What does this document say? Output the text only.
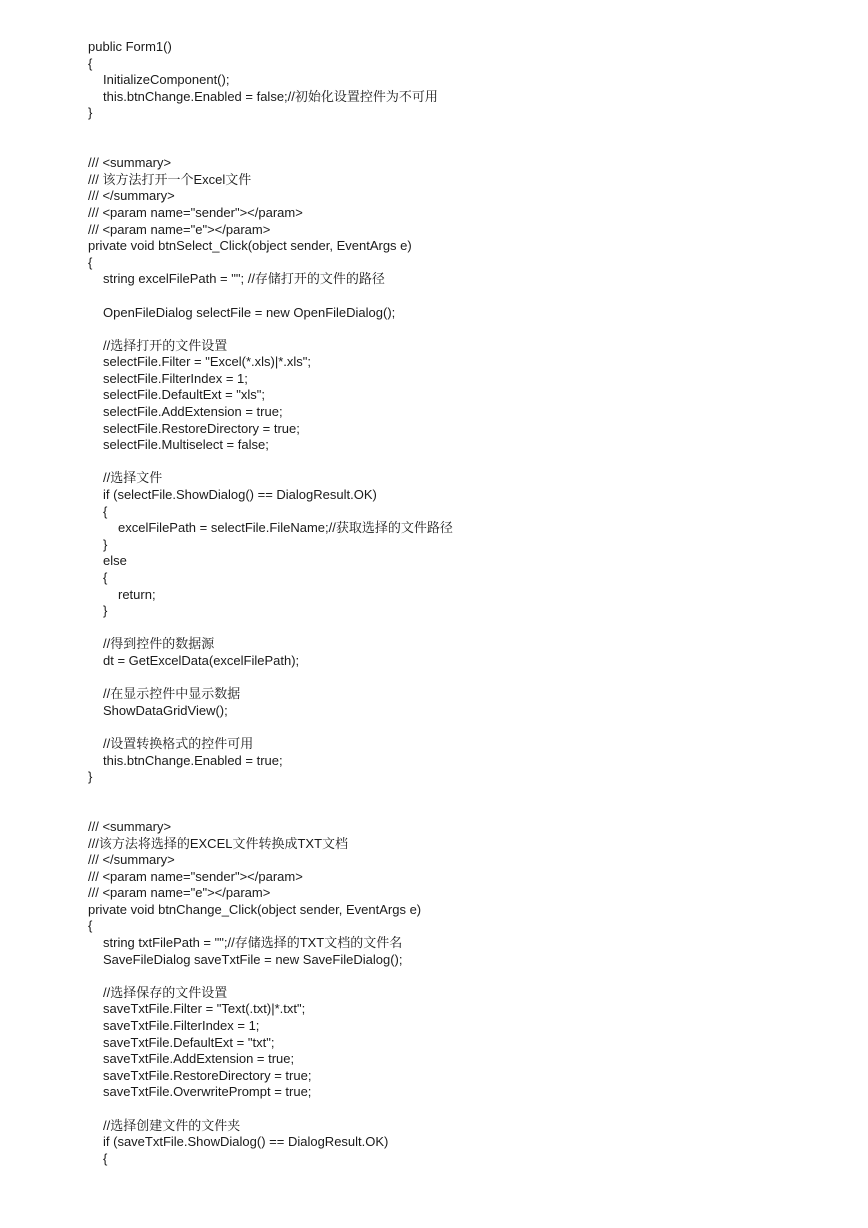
public Form1()
{
InitializeComponent();
this.btnChange.Enabled = false;//初始化设置控件为不可用
}
/// <summary>
/// 该方法打开一个Excel文件
/// </summary>
/// <param name="sender"></param>
/// <param name="e"></param>
private void btnSelect_Click(object sender, EventArgs e)
{
string excelFilePath = ""; //存储打开的文件的路径
OpenFileDialog selectFile = new OpenFileDialog();
//选择打开的文件设置
selectFile.Filter = "Excel(*.xls)|*.xls";
selectFile.FilterIndex = 1;
selectFile.DefaultExt = "xls";
selectFile.AddExtension = true;
selectFile.RestoreDirectory = true;
selectFile.Multiselect = false;
//选择文件
if (selectFile.ShowDialog() == DialogResult.OK)
{
excelFilePath = selectFile.FileName;//获取选择的文件路径
}
else
{
return;
}
//得到控件的数据源
dt = GetExcelData(excelFilePath);
//在显示控件中显示数据
ShowDataGridView();
//设置转换格式的控件可用
this.btnChange.Enabled = true;
}
/// <summary>
///该方法将选择的EXCEL文件转换成TXT文档
/// </summary>
/// <param name="sender"></param>
/// <param name="e"></param>
private void btnChange_Click(object sender, EventArgs e)
{
string txtFilePath = "";//存储选择的TXT文档的文件名
SaveFileDialog saveTxtFile = new SaveFileDialog();
//选择保存的文件设置
saveTxtFile.Filter = "Text(.txt)|*.txt";
saveTxtFile.FilterIndex = 1;
saveTxtFile.DefaultExt = "txt";
saveTxtFile.AddExtension = true;
saveTxtFile.RestoreDirectory = true;
saveTxtFile.OverwritePrompt = true;
//选择创建文件的文件夹
if (saveTxtFile.ShowDialog() == DialogResult.OK)
{
